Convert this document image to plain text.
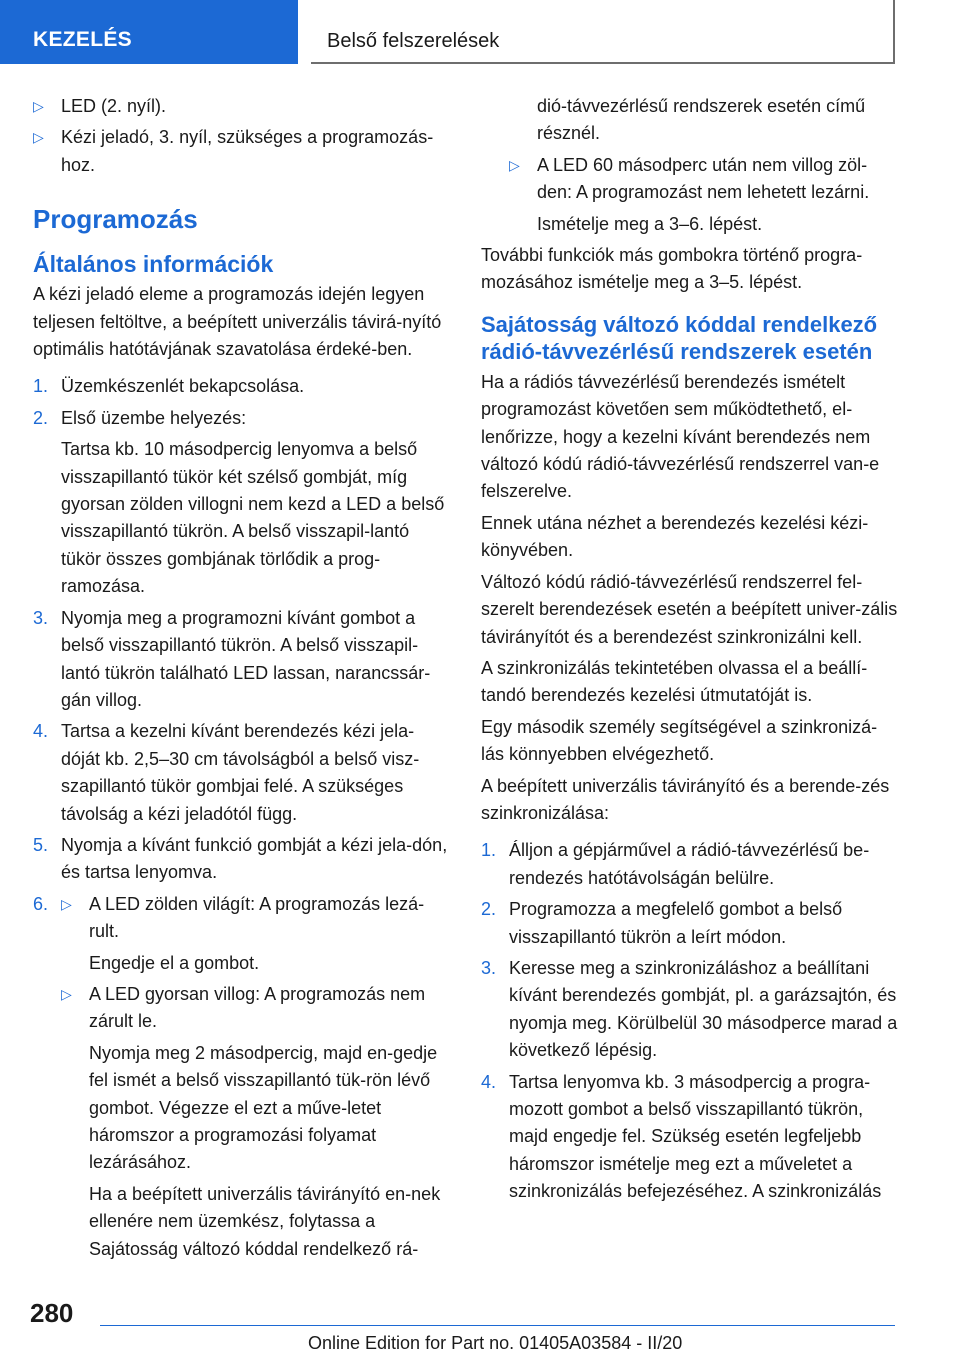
KEZELÉS	Belső felszerelések
▷ LED (2. nyíl).
▷ Kézi jeladó, 3. nyíl, szükséges a programozás-hoz.
Programozás
Általános információk

A kézi jeladó eleme a programozás idején legyen teljesen feltöltve, a beépített univerzális távirá-nyító optimális hatótávjának szavatolása érdeké-ben.

1. Üzemkészenlét bekapcsolása.
2. Első üzembe helyezés:
Tartsa kb. 10 másodpercig lenyomva a belső visszapillantó tükör két szélső gombját, míg gyorsan zölden villogni nem kezd a LED a belső visszapillantó tükrön. A belső visszapil-lantó tükör összes gombjának törlődik a prog-ramozása.
3. Nyomja meg a programozni kívánt gombot a belső visszapillantó tükrön. A belső visszapil-lantó tükrön található LED lassan, narancssár-gán villog.
4. Tartsa a kezelni kívánt berendezés kézi jela-dóját kb. 2,5–30 cm távolságból a belső visz-szapillantó tükör gombjai felé. A szükséges távolság a kézi jeladótól függ.
5. Nyomja a kívánt funkció gombját a kézi jela-dón, és tartsa lenyomva.
6. ▷ A LED zölden világít: A programozás lezá-rult.
Engedje el a gombot.
▷ A LED gyorsan villog: A programozás nem zárult le.
Nyomja meg 2 másodpercig, majd en-gedje fel ismét a belső visszapillantó tük-rön lévő gombot. Végezze el ezt a műve-letet háromszor a programozási folyamat lezárásához.
Ha a beépített univerzális távirányító en-nek ellenére nem üzemkész, folytassa a Sajátosság változó kóddal rendelkező rá-
dió-távvezérlésű rendszerek esetén című résznél.
▷ A LED 60 másodperc után nem villog zöl-den: A programozást nem lehetett lezárni.
Ismételje meg a 3–6. lépést.

További funkciók más gombokra történő progra-mozásához ismételje meg a 3–5. lépést.

Sajátosság változó kóddal rendelkező rádió-távvezérlésű rendszerek esetén

Ha a rádiós távvezérlésű berendezés ismételt programozást követően sem működtethető, el-lenőrizze, hogy a kezelni kívánt berendezés nem változó kódú rádió-távvezérlésű rendszerrel van-e felszerelve.

Ennek utána nézhet a berendezés kezelési kézi-könyvében.

Változó kódú rádió-távvezérlésű rendszerrel fel-szerelt berendezések esetén a beépített univer-zális távirányítót és a berendezést szinkronizálni kell.

A szinkronizálás tekintetében olvassa el a beállí-tandó berendezés kezelési útmutatóját is.

Egy második személy segítségével a szinkronizá-lás könnyebben elvégezhető.

A beépített univerzális távirányító és a berende-zés szinkronizálása:

1. Álljon a gépjárművel a rádió-távvezérlésű be-rendezés hatótávolságán belülre.
2. Programozza a megfelelő gombot a belső visszapillantó tükrön a leírt módon.
3. Keresse meg a szinkronizáláshoz a beállítani kívánt berendezés gombját, pl. a garázsajtón, és nyomja meg. Körülbelül 30 másodperce marad a következő lépésig.
4. Tartsa lenyomva kb. 3 másodpercig a progra-mozott gombot a belső visszapillantó tükrön, majd engedje fel. Szükség esetén legfeljebb háromszor ismételje meg ezt a műveletet a szinkronizálás befejezéséhez. A szinkronizálás
280
Online Edition for Part no. 01405A03584 - II/20
